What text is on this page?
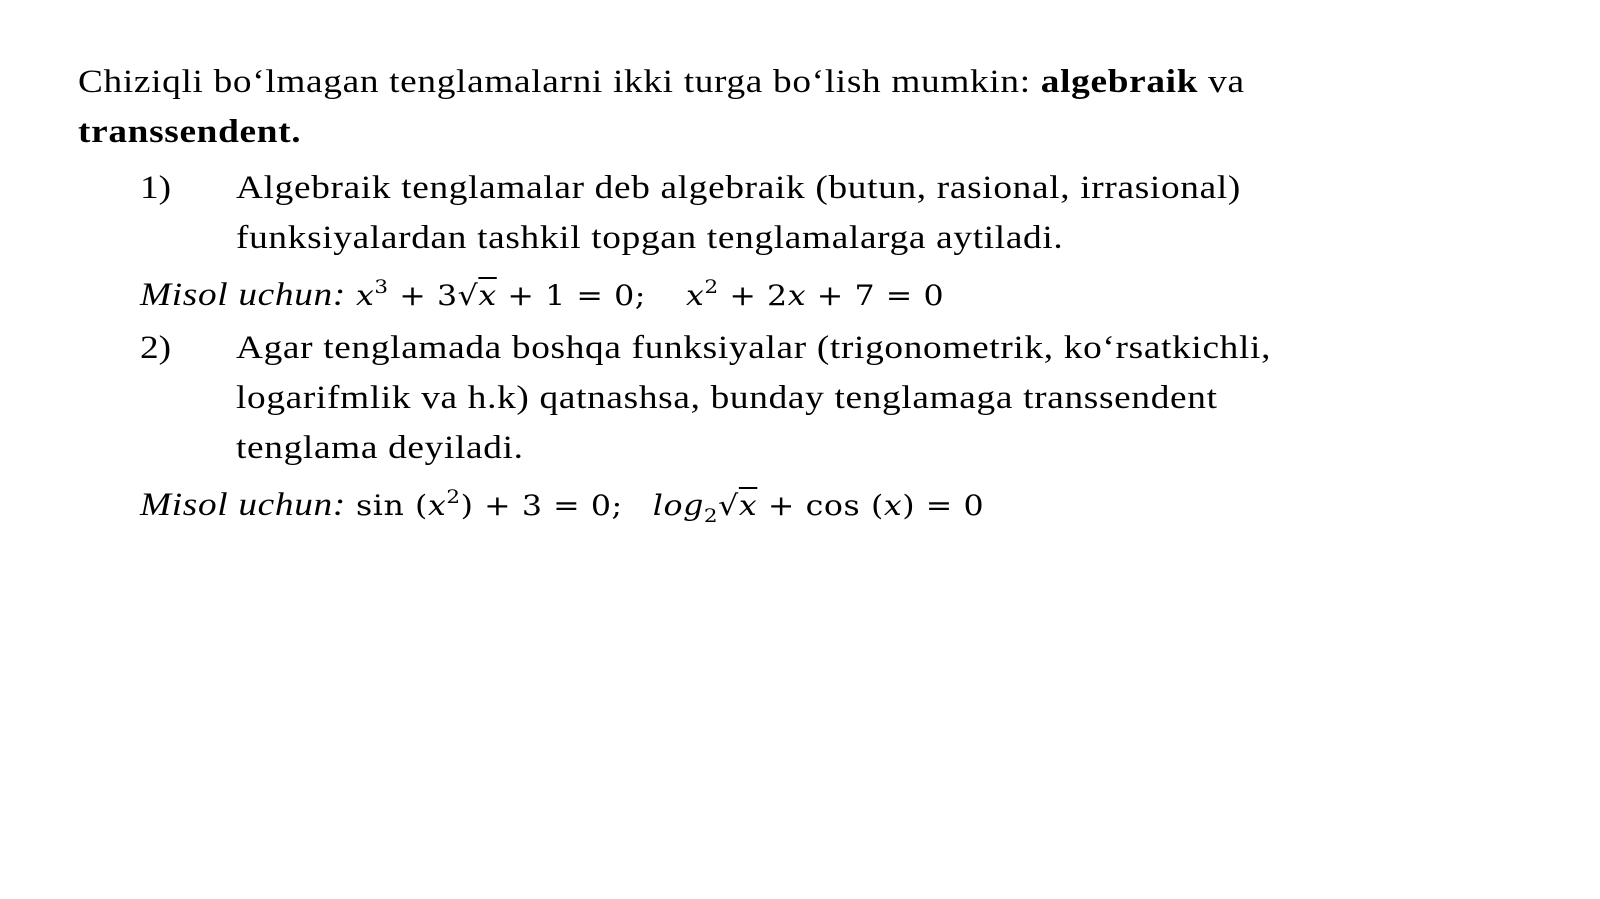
Chiziqli bo‘lmagan tenglamalarni ikki turga bo‘lish mumkin: algebraik va
transsendent.
1) Algebraik tenglamalar deb algebraik (butun, rasional, irrasional)
funksiyalardan tashkil topgan tenglamalarga aytiladi.
Misol uchun: $x^3 + 3√x + 1 = 0$; $x^2 + 2x + 7 = 0$
2) Agar tenglamada boshqa funksiyalar (trigonometrik, ko‘rsatkichli,
logarifmlik va h.k) qatnashsa, bunday tenglamaga transsendent
tenglama deyiladi.
Misol uchun: $\sin (x^2) + 3 = 0$; $\log_2√x + \cos (x) = 0$
